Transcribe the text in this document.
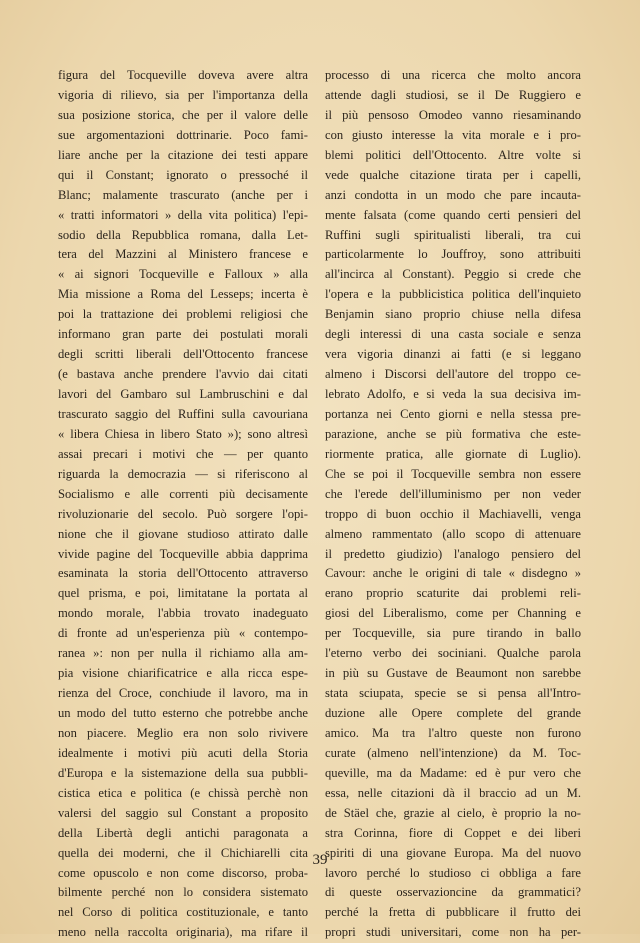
figura del Tocqueville doveva avere altra
vigoria di rilievo, sia per l'importanza della
sua posizione storica, che per il valore delle
sue argomentazioni dottrinarie. Poco fami-
liare anche per la citazione dei testi appare
qui il Constant; ignorato o pressoché il
Blanc; malamente trascurato (anche per i
« tratti informatori » della vita politica) l'epi-
sodio della Repubblica romana, dalla Let-
tera del Mazzini al Ministero francese e
« ai signori Tocqueville e Falloux » alla
Mia missione a Roma del Lesseps; incerta è
poi la trattazione dei problemi religiosi che
informano gran parte dei postulati morali
degli scritti liberali dell'Ottocento francese
(e bastava anche prendere l'avvio dai citati
lavori del Gambaro sul Lambruschini e dal
trascurato saggio del Ruffini sulla cavouriana
« libera Chiesa in libero Stato »); sono altresì
assai precari i motivi che — per quanto
riguarda la democrazia — si riferiscono al
Socialismo e alle correnti più decisamente
rivoluzionarie del secolo. Può sorgere l'opi-
nione che il giovane studioso attirato dalle
vivide pagine del Tocqueville abbia dapprima
esaminata la storia dell'Ottocento attraverso
quel prisma, e poi, limitatane la portata al
mondo morale, l'abbia trovato inadeguato
di fronte ad un'esperienza più « contempo-
ranea »: non per nulla il richiamo alla am-
pia visione chiarificatrice e alla ricca espe-
rienza del Croce, conchiude il lavoro, ma in
un modo del tutto esterno che potrebbe anche
non piacere. Meglio era non solo rivivere
idealmente i motivi più acuti della Storia
d'Europa e la sistemazione della sua pubbli-
cistica etica e politica (e chissà perchè non
valersi del saggio sul Constant a proposito
della Libertà degli antichi paragonata a
quella dei moderni, che il Chichiarelli cita
come opuscolo e non come discorso, proba-
bilmente perché non lo considera sistemato
nel Corso di politica costituzionale, e tanto
meno nella raccolta originaria), ma rifare il
processo di una ricerca che molto ancora
attende dagli studiosi, se il De Ruggiero e
il più pensoso Omodeo vanno riesaminando
con giusto interesse la vita morale e i pro-
blemi politici dell'Ottocento. Altre volte si
vede qualche citazione tirata per i capelli,
anzi condotta in un modo che pare incauta-
mente falsata (come quando certi pensieri del
Ruffini sugli spiritualisti liberali, tra cui
particolarmente lo Jouffroy, sono attribuiti
all'incirca al Constant). Peggio si crede che
l'opera e la pubblicistica politica dell'inquieto
Benjamin siano proprio chiuse nella difesa
degli interessi di una casta sociale e senza
vera vigoria dinanzi ai fatti (e si leggano
almeno i Discorsi dell'autore del troppo ce-
lebrato Adolfo, e si veda la sua decisiva im-
portanza nei Cento giorni e nella stessa pre-
parazione, anche se più formativa che este-
riormente pratica, alle giornate di Luglio).
Che se poi il Tocqueville sembra non essere
che l'erede dell'illuminismo per non veder
troppo di buon occhio il Machiavelli, venga
almeno rammentato (allo scopo di attenuare
il predetto giudizio) l'analogo pensiero del
Cavour: anche le origini di tale « disdegno »
erano proprio scaturite dai problemi reli-
giosi del Liberalismo, come per Channing e
per Tocqueville, sia pure tirando in ballo
l'eterno verbo dei sociniani. Qualche parola
in più su Gustave de Beaumont non sarebbe
stata sciupata, specie se si pensa all'Intro-
duzione alle Opere complete del grande
amico. Ma tra l'altro queste non furono
curate (almeno nell'intenzione) da M. Toc-
queville, ma da Madame: ed è pur vero che
essa, nelle citazioni dà il braccio ad un M.
de Stäel che, grazie al cielo, è proprio la no-
stra Corinna, fiore di Coppet e dei liberi
spiriti di una giovane Europa. Ma del nuovo
lavoro perché lo studioso ci obbliga a fare
di queste osservazioncine da grammatici?
perché la fretta di pubblicare il frutto dei
propri studi universitari, come non ha per-
39
